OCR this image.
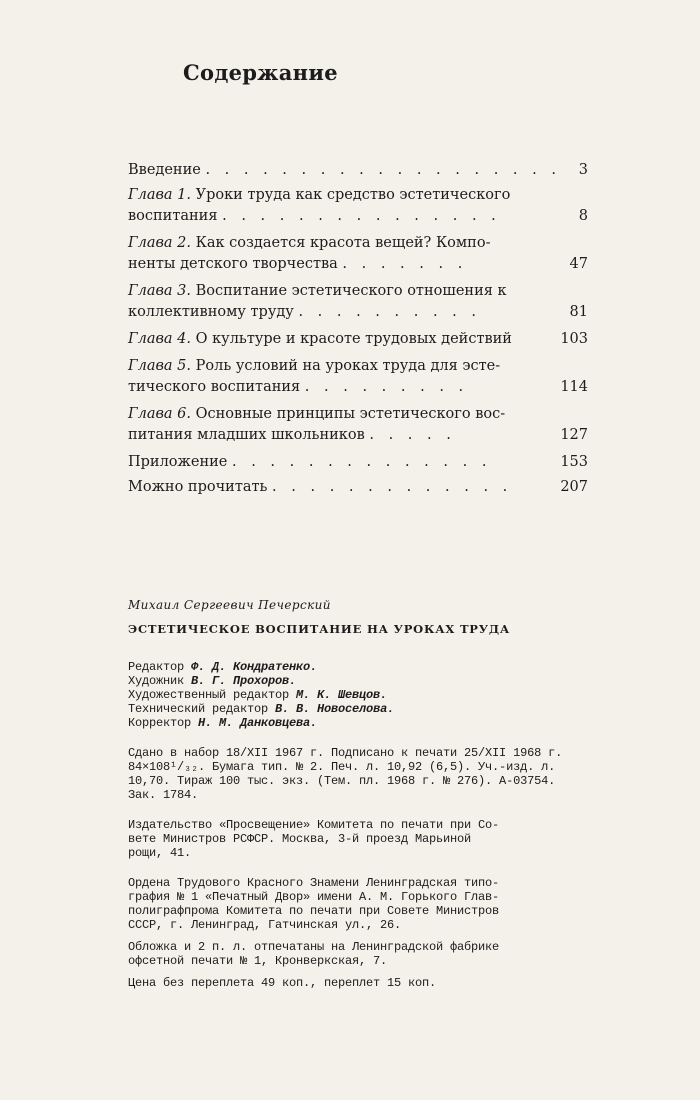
Содержание
Введение . . . . . . . . . . . . . . . . . . .	3
Глава 1. Уроки труда как средство эстетического
воспитания . . . . . . . . . . . . . . .	8
Глава 2. Как создается красота вещей? Компо-
ненты детского творчества . . . . . . .	47
Глава 3. Воспитание эстетического отношения к
коллективному труду . . . . . . . . . .	81
Глава 4. О культуре и красоте трудовых действий	103
Глава 5. Роль условий на уроках труда для эсте-
тического воспитания . . . . . . . . .	114
Глава 6. Основные принципы эстетического вос-
питания младших школьников . . . . .	127
Приложение . . . . . . . . . . . . . .	153
Можно прочитать . . . . . . . . . . . . .	207
Михаил Сергеевич Печерский
ЭСТЕТИЧЕСКОЕ ВОСПИТАНИЕ НА УРОКАХ ТРУДА
Редактор Ф. Д. Кондратенко.
Художник В. Г. Прохоров.
Художественный редактор М. К. Шевцов.
Технический редактор В. В. Новоселова.
Корректор Н. М. Данковцева.

Сдано в набор 18/XII 1967 г. Подписано к печати 25/XII 1968 г.

84×108¹/₃₂. Бумага тип. № 2. Печ. л. 10,92 (6,5). Уч.-изд. л.

10,70. Тираж 100 тыс. экз. (Тем. пл. 1968 г. № 276). А-03754.

Зак. 1784.

Издательство «Просвещение» Комитета по печати при Со-

вете Министров РСФСР. Москва, 3-й проезд Марьиной

рощи, 41.

Ордена Трудового Красного Знамени Ленинградская типо-

графия № 1 «Печатный Двор» имени А. М. Горького Глав-

полиграфпрома Комитета по печати при Совете Министров

СССР, г. Ленинград, Гатчинская ул., 26.

Обложка и 2 п. л. отпечатаны на Ленинградской фабрике

офсетной печати № 1, Кронверкская, 7.

Цена без переплета 49 коп., переплет 15 коп.
